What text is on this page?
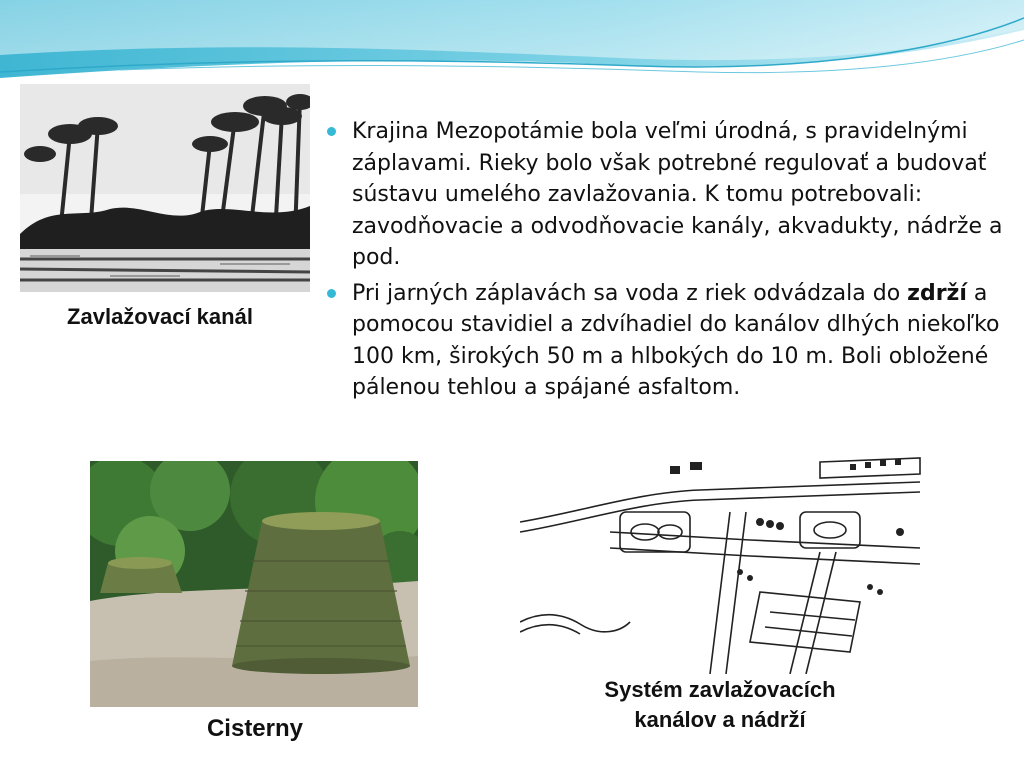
Zavlažovací kanál
Krajina Mezopotámie bola veľmi úrodná, s pravidelnými záplavami. Rieky bolo však potrebné regulovať a budovať sústavu umelého zavlažovania. K tomu potrebovali: zavodňovacie a odvodňovacie kanály, akvadukty, nádrže a pod.
Pri jarných záplavách sa voda z riek odvádzala do zdrží a pomocou stavidiel a zdvíhadiel do kanálov dlhých niekoľko 100 km, širokých 50 m a hlbokých do 10 m. Boli obložené pálenou tehlou a spájané asfaltom.
Cisterny
Systém zavlažovacích
kanálov a nádrží
